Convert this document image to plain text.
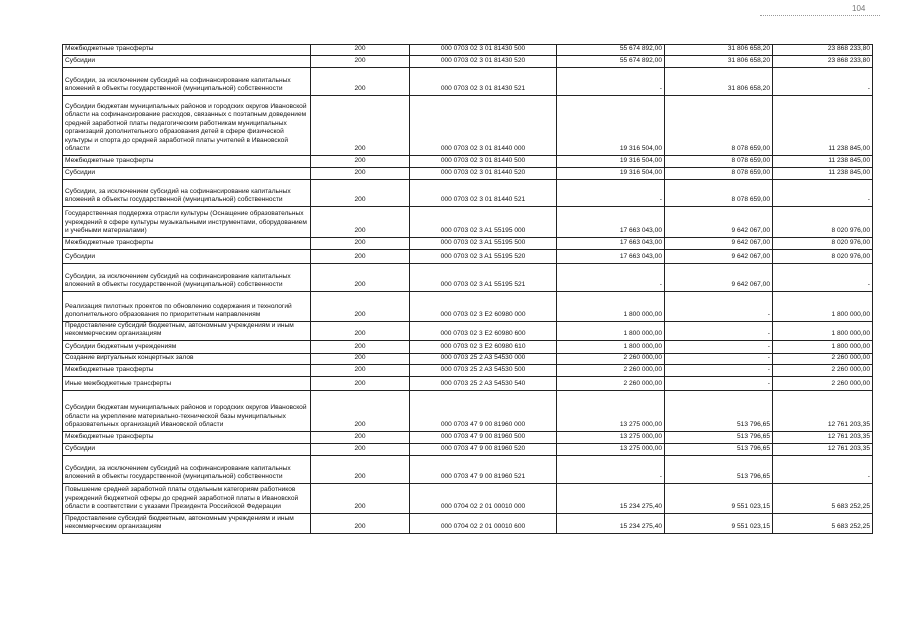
104
Межбюджетные трансферты	200	000 0703 02 3 01 81430 500	55 674 892,00	31 806 658,20	23 868 233,80
Субсидии	200	000 0703 02 3 01 81430 520	55 674 892,00	31 806 658,20	23 868 233,80
Субсидии, за исключением субсидий на софинансирование капитальных вложений в объекты государственной (муниципальной) собственности	200	000 0703 02 3 01 81430 521	-	31 806 658,20	-
Субсидии бюджетам муниципальных районов и городских округов Ивановской области на софинансирование расходов, связанных с поэтапным доведением средней заработной платы педагогическим работникам муниципальных организаций дополнительного образования детей в сфере физической культуры и спорта до средней заработной платы учителей в Ивановской области	200	000 0703 02 3 01 81440 000	19 316 504,00	8 078 659,00	11 238 845,00
Межбюджетные трансферты	200	000 0703 02 3 01 81440 500	19 316 504,00	8 078 659,00	11 238 845,00
Субсидии	200	000 0703 02 3 01 81440 520	19 316 504,00	8 078 659,00	11 238 845,00
Субсидии, за исключением субсидий на софинансирование капитальных вложений в объекты государственной (муниципальной) собственности	200	000 0703 02 3 01 81440 521	-	8 078 659,00	-
Государственная поддержка отрасли культуры (Оснащение образовательных учреждений в сфере культуры музыкальными инструментами, оборудованием и учебными материалами)	200	000 0703 02 3 A1 55195 000	17 663 043,00	9 642 067,00	8 020 976,00
Межбюджетные трансферты	200	000 0703 02 3 A1 55195 500	17 663 043,00	9 642 067,00	8 020 976,00
Субсидии	200	000 0703 02 3 A1 55195 520	17 663 043,00	9 642 067,00	8 020 976,00
Субсидии, за исключением субсидий на софинансирование капитальных вложений в объекты государственной (муниципальной) собственности	200	000 0703 02 3 A1 55195 521	-	9 642 067,00	-
Реализация пилотных проектов по обновлению содержания и технологий дополнительного образования по приоритетным направлениям	200	000 0703 02 3 E2 60980 000	1 800 000,00	-	1 800 000,00
Предоставление субсидий бюджетным, автономным учреждениям и иным некоммерческим организациям	200	000 0703 02 3 E2 60980 600	1 800 000,00	-	1 800 000,00
Субсидии бюджетным учреждениям	200	000 0703 02 3 E2 60980 610	1 800 000,00	-	1 800 000,00
Создание виртуальных концертных залов	200	000 0703 25 2 A3 54530 000	2 260 000,00	-	2 260 000,00
Межбюджетные трансферты	200	000 0703 25 2 A3 54530 500	2 260 000,00	-	2 260 000,00
Иные межбюджетные трансферты	200	000 0703 25 2 A3 54530 540	2 260 000,00	-	2 260 000,00
Субсидии бюджетам муниципальных районов и городских округов Ивановской области на укрепление материально-технической базы муниципальных образовательных организаций Ивановской области	200	000 0703 47 9 00 81960 000	13 275 000,00	513 796,65	12 761 203,35
Межбюджетные трансферты	200	000 0703 47 9 00 81960 500	13 275 000,00	513 796,65	12 761 203,35
Субсидии	200	000 0703 47 9 00 81960 520	13 275 000,00	513 796,65	12 761 203,35
Субсидии, за исключением субсидий на софинансирование капитальных вложений в объекты государственной (муниципальной) собственности	200	000 0703 47 9 00 81960 521	-	513 796,65	-
Повышение средней заработной платы отдельным категориям работников учреждений бюджетной сферы до средней заработной платы в Ивановской области в соответствии с указами Президента Российской Федерации	200	000 0704 02 2 01 00010 000	15 234 275,40	9 551 023,15	5 683 252,25
Предоставление субсидий бюджетным, автономным учреждениям и иным некоммерческим организациям	200	000 0704 02 2 01 00010 600	15 234 275,40	9 551 023,15	5 683 252,25
